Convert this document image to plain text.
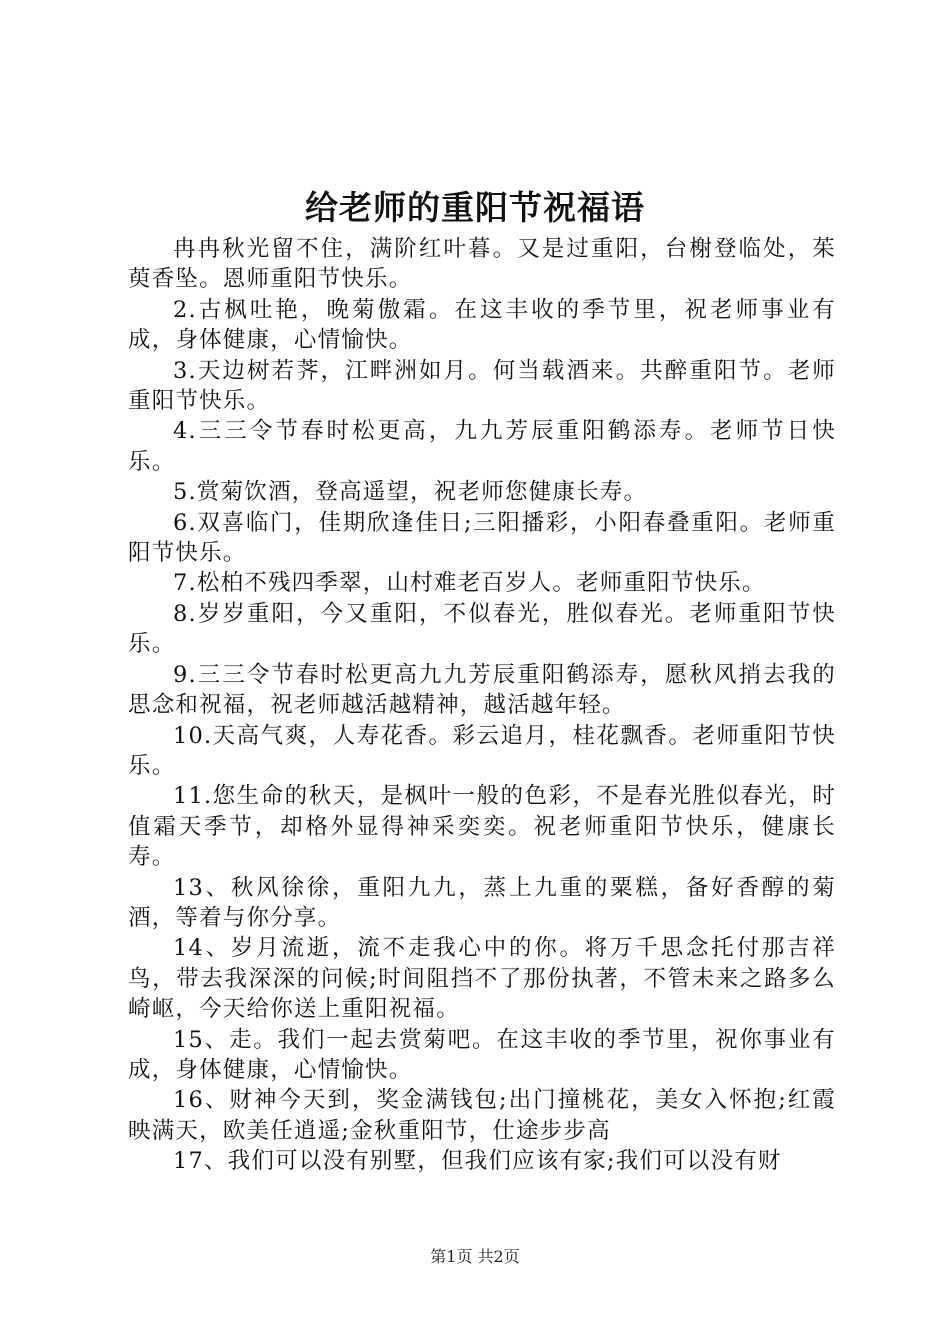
给老师的重阳节祝福语

冉冉秋光留不住，满阶红叶暮。又是过重阳，台榭登临处，茱萸香坠。恩师重阳节快乐。

2.古枫吐艳，晚菊傲霜。在这丰收的季节里，祝老师事业有成，身体健康，心情愉快。

3.天边树若荠，江畔洲如月。何当载酒来。共醉重阳节。老师重阳节快乐。

4.三三令节春时松更高，九九芳辰重阳鹤添寿。老师节日快乐。

5.赏菊饮酒，登高遥望，祝老师您健康长寿。

6.双喜临门，佳期欣逢佳日;三阳播彩，小阳春叠重阳。老师重阳节快乐。

7.松柏不残四季翠，山村难老百岁人。老师重阳节快乐。

8.岁岁重阳，今又重阳，不似春光，胜似春光。老师重阳节快乐。

9.三三令节春时松更高九九芳辰重阳鹤添寿，愿秋风捎去我的思念和祝福，祝老师越活越精神，越活越年轻。

10.天高气爽，人寿花香。彩云追月，桂花飘香。老师重阳节快乐。

11.您生命的秋天，是枫叶一般的色彩，不是春光胜似春光，时值霜天季节，却格外显得神采奕奕。祝老师重阳节快乐，健康长寿。

13、秋风徐徐，重阳九九，蒸上九重的粟糕，备好香醇的菊酒，等着与你分享。

14、岁月流逝，流不走我心中的你。将万千思念托付那吉祥鸟，带去我深深的问候;时间阻挡不了那份执著，不管未来之路多么崎岖，今天给你送上重阳祝福。

15、走。我们一起去赏菊吧。在这丰收的季节里，祝你事业有成，身体健康，心情愉快。

16、财神今天到，奖金满钱包;出门撞桃花，美女入怀抱;红霞映满天，欧美任逍遥;金秋重阳节，仕途步步高

17、我们可以没有别墅，但我们应该有家;我们可以没有财

第1页 共2页
